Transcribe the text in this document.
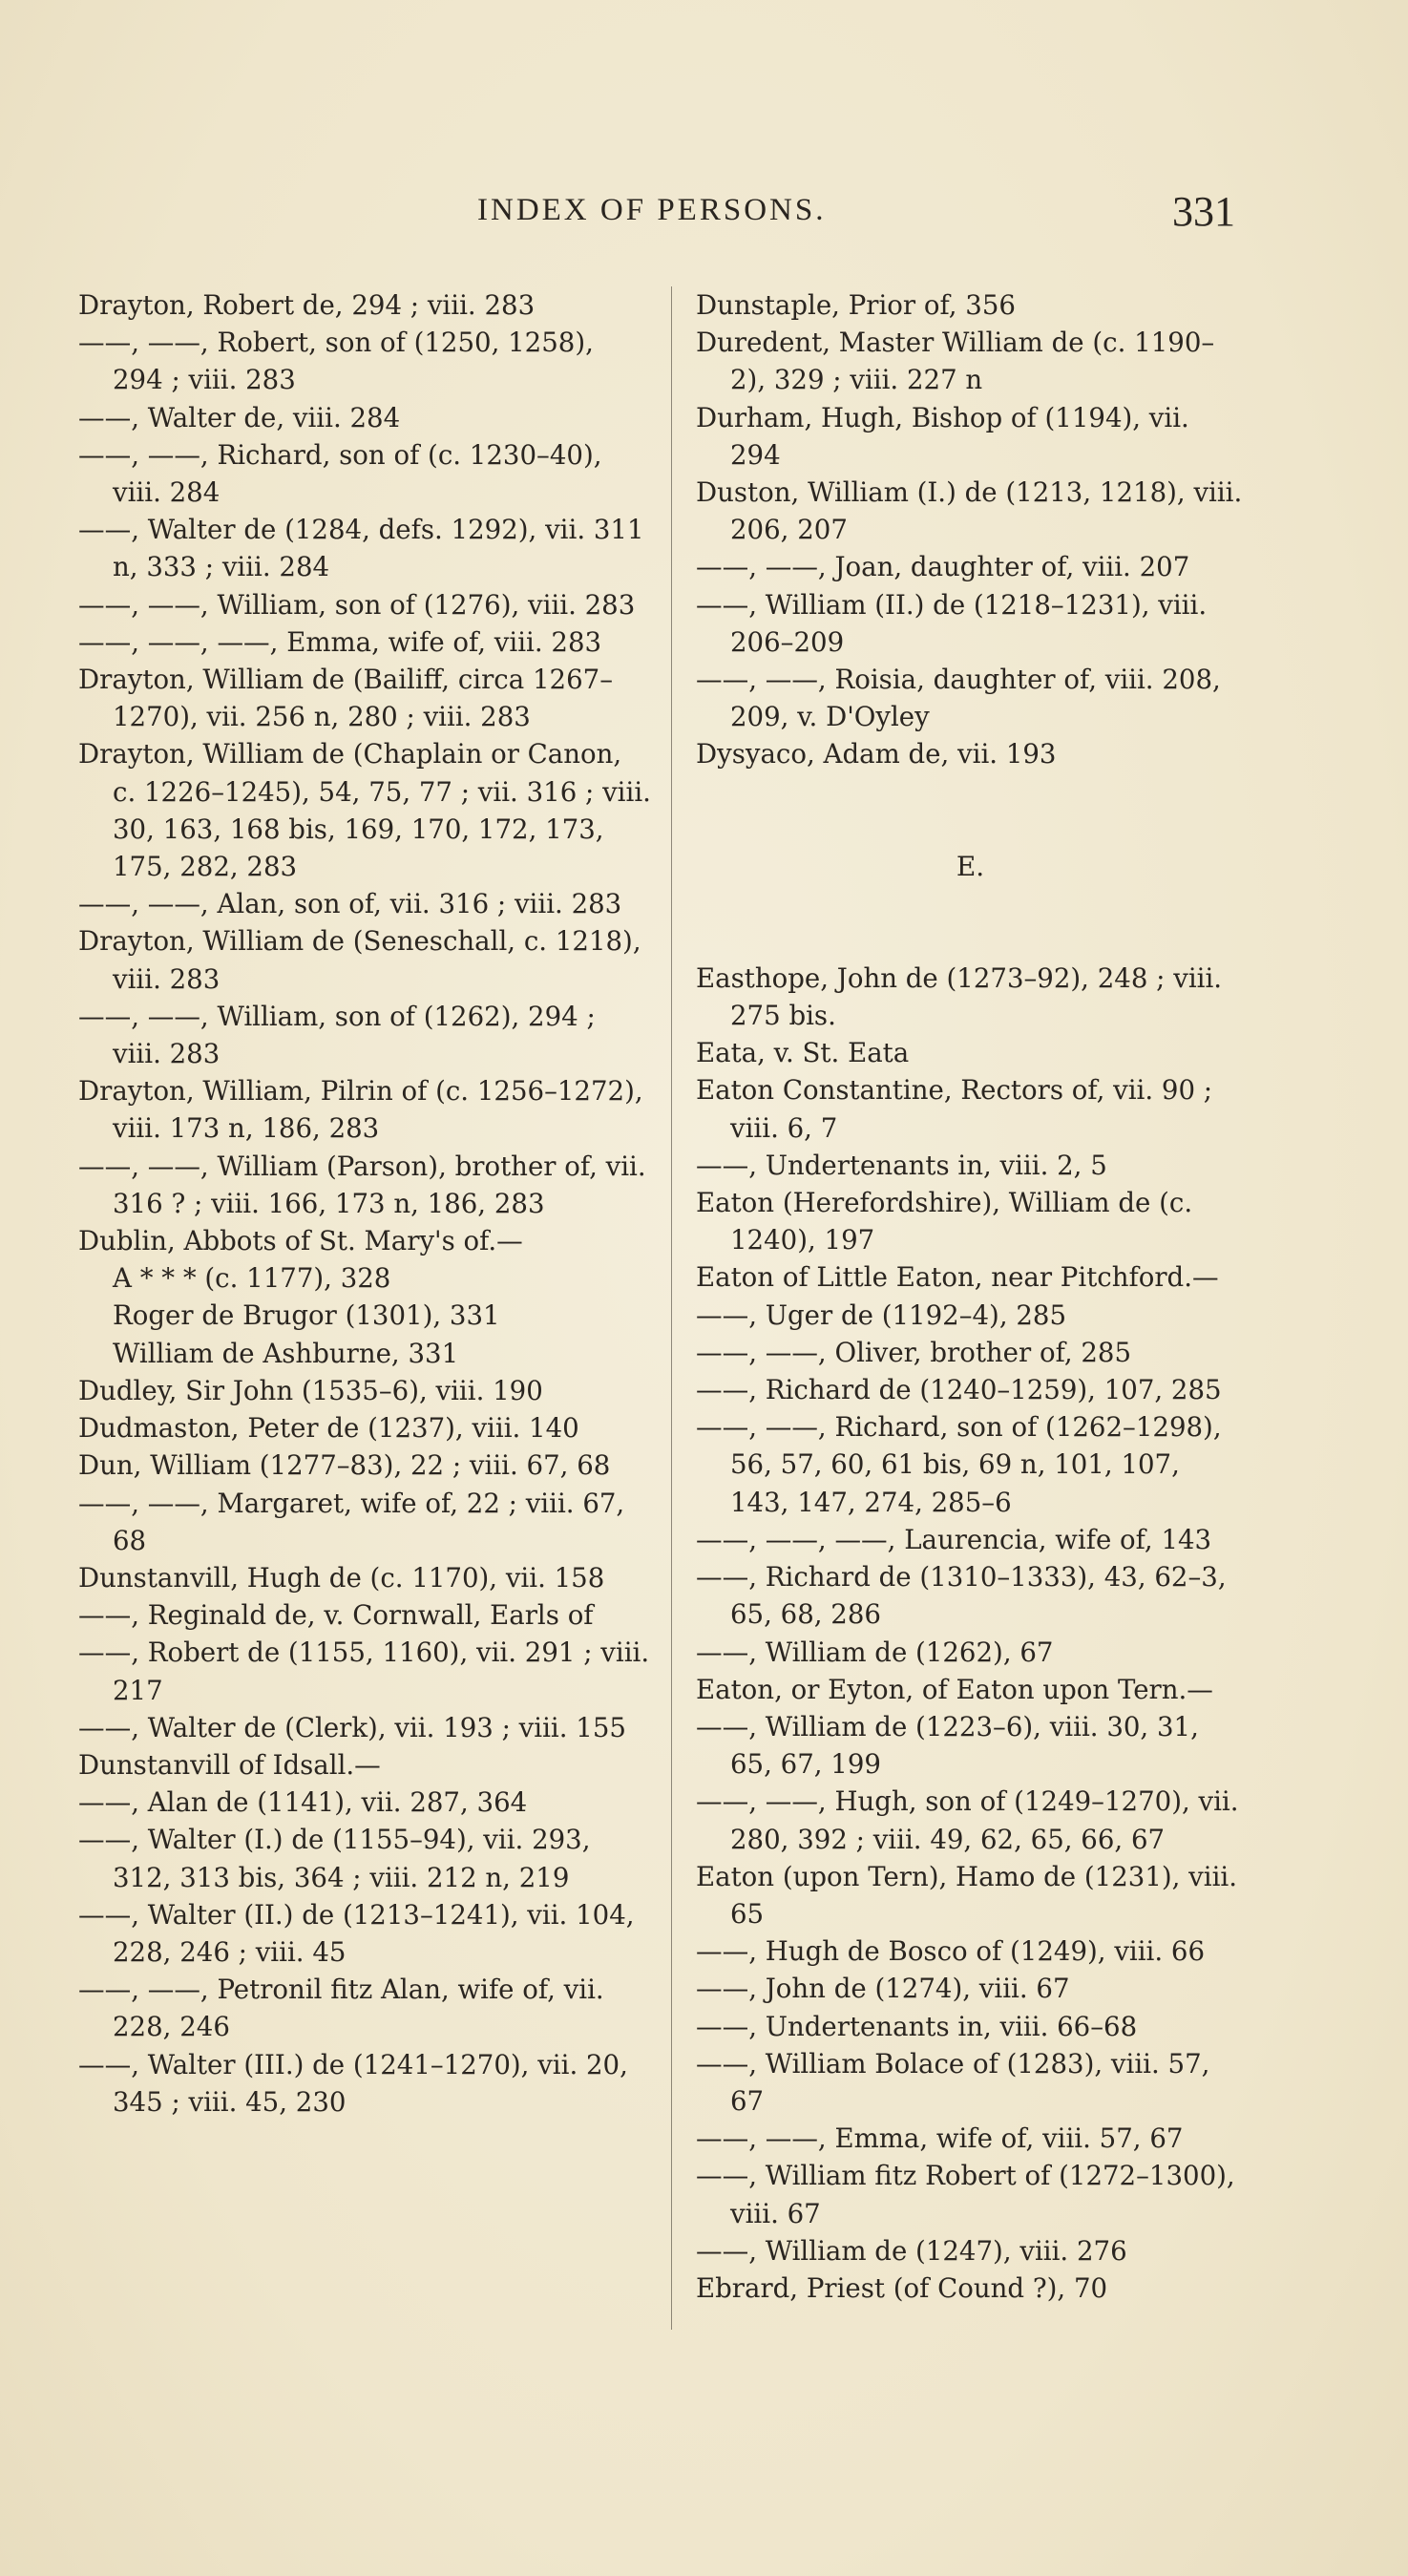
INDEX OF PERSONS.	331

Drayton, Robert de, 294 ; viii. 283

——, ——, Robert, son of (1250, 1258), 294 ; viii. 283

——, Walter de, viii. 284

——, ——, Richard, son of (c. 1230–40), viii. 284

——, Walter de (1284, defs. 1292), vii. 311 n, 333 ; viii. 284

——, ——, William, son of (1276), viii. 283

——, ——, ——, Emma, wife of, viii. 283

Drayton, William de (Bailiff, circa 1267–1270), vii. 256 n, 280 ; viii. 283

Drayton, William de (Chaplain or Canon, c. 1226–1245), 54, 75, 77 ; vii. 316 ; viii. 30, 163, 168 bis, 169, 170, 172, 173, 175, 282, 283

——, ——, Alan, son of, vii. 316 ; viii. 283

Drayton, William de (Seneschall, c. 1218), viii. 283

——, ——, William, son of (1262), 294 ; viii. 283

Drayton, William, Pilrin of (c. 1256–1272), viii. 173 n, 186, 283

——, ——, William (Parson), brother of, vii. 316 ? ; viii. 166, 173 n, 186, 283

Dublin, Abbots of St. Mary's of.—

A * * * (c. 1177), 328

Roger de Brugor (1301), 331

William de Ashburne, 331

Dudley, Sir John (1535–6), viii. 190

Dudmaston, Peter de (1237), viii. 140

Dun, William (1277–83), 22 ; viii. 67, 68

——, ——, Margaret, wife of, 22 ; viii. 67, 68

Dunstanvill, Hugh de (c. 1170), vii. 158

——, Reginald de, v. Cornwall, Earls of

——, Robert de (1155, 1160), vii. 291 ; viii. 217

——, Walter de (Clerk), vii. 193 ; viii. 155

Dunstanvill of Idsall.—

——, Alan de (1141), vii. 287, 364

——, Walter (I.) de (1155–94), vii. 293, 312, 313 bis, 364 ; viii. 212 n, 219

——, Walter (II.) de (1213–1241), vii. 104, 228, 246 ; viii. 45

——, ——, Petronil fitz Alan, wife of, vii. 228, 246

——, Walter (III.) de (1241–1270), vii. 20, 345 ; viii. 45, 230

Dunstaple, Prior of, 356

Duredent, Master William de (c. 1190–2), 329 ; viii. 227 n

Durham, Hugh, Bishop of (1194), vii. 294

Duston, William (I.) de (1213, 1218), viii. 206, 207

——, ——, Joan, daughter of, viii. 207

——, William (II.) de (1218–1231), viii. 206–209

——, ——, Roisia, daughter of, viii. 208, 209, v. D'Oyley

Dysyaco, Adam de, vii. 193

E.

Easthope, John de (1273–92), 248 ; viii. 275 bis.

Eata, v. St. Eata

Eaton Constantine, Rectors of, vii. 90 ; viii. 6, 7

——, Undertenants in, viii. 2, 5

Eaton (Herefordshire), William de (c. 1240), 197

Eaton of Little Eaton, near Pitchford.—

——, Uger de (1192–4), 285

——, ——, Oliver, brother of, 285

——, Richard de (1240–1259), 107, 285

——, ——, Richard, son of (1262–1298), 56, 57, 60, 61 bis, 69 n, 101, 107, 143, 147, 274, 285–6

——, ——, ——, Laurencia, wife of, 143

——, Richard de (1310–1333), 43, 62–3, 65, 68, 286

——, William de (1262), 67

Eaton, or Eyton, of Eaton upon Tern.—

——, William de (1223–6), viii. 30, 31, 65, 67, 199

——, ——, Hugh, son of (1249–1270), vii. 280, 392 ; viii. 49, 62, 65, 66, 67

Eaton (upon Tern), Hamo de (1231), viii. 65

——, Hugh de Bosco of (1249), viii. 66

——, John de (1274), viii. 67

——, Undertenants in, viii. 66–68

——, William Bolace of (1283), viii. 57, 67

——, ——, Emma, wife of, viii. 57, 67

——, William fitz Robert of (1272–1300), viii. 67

——, William de (1247), viii. 276

Ebrard, Priest (of Cound ?), 70
